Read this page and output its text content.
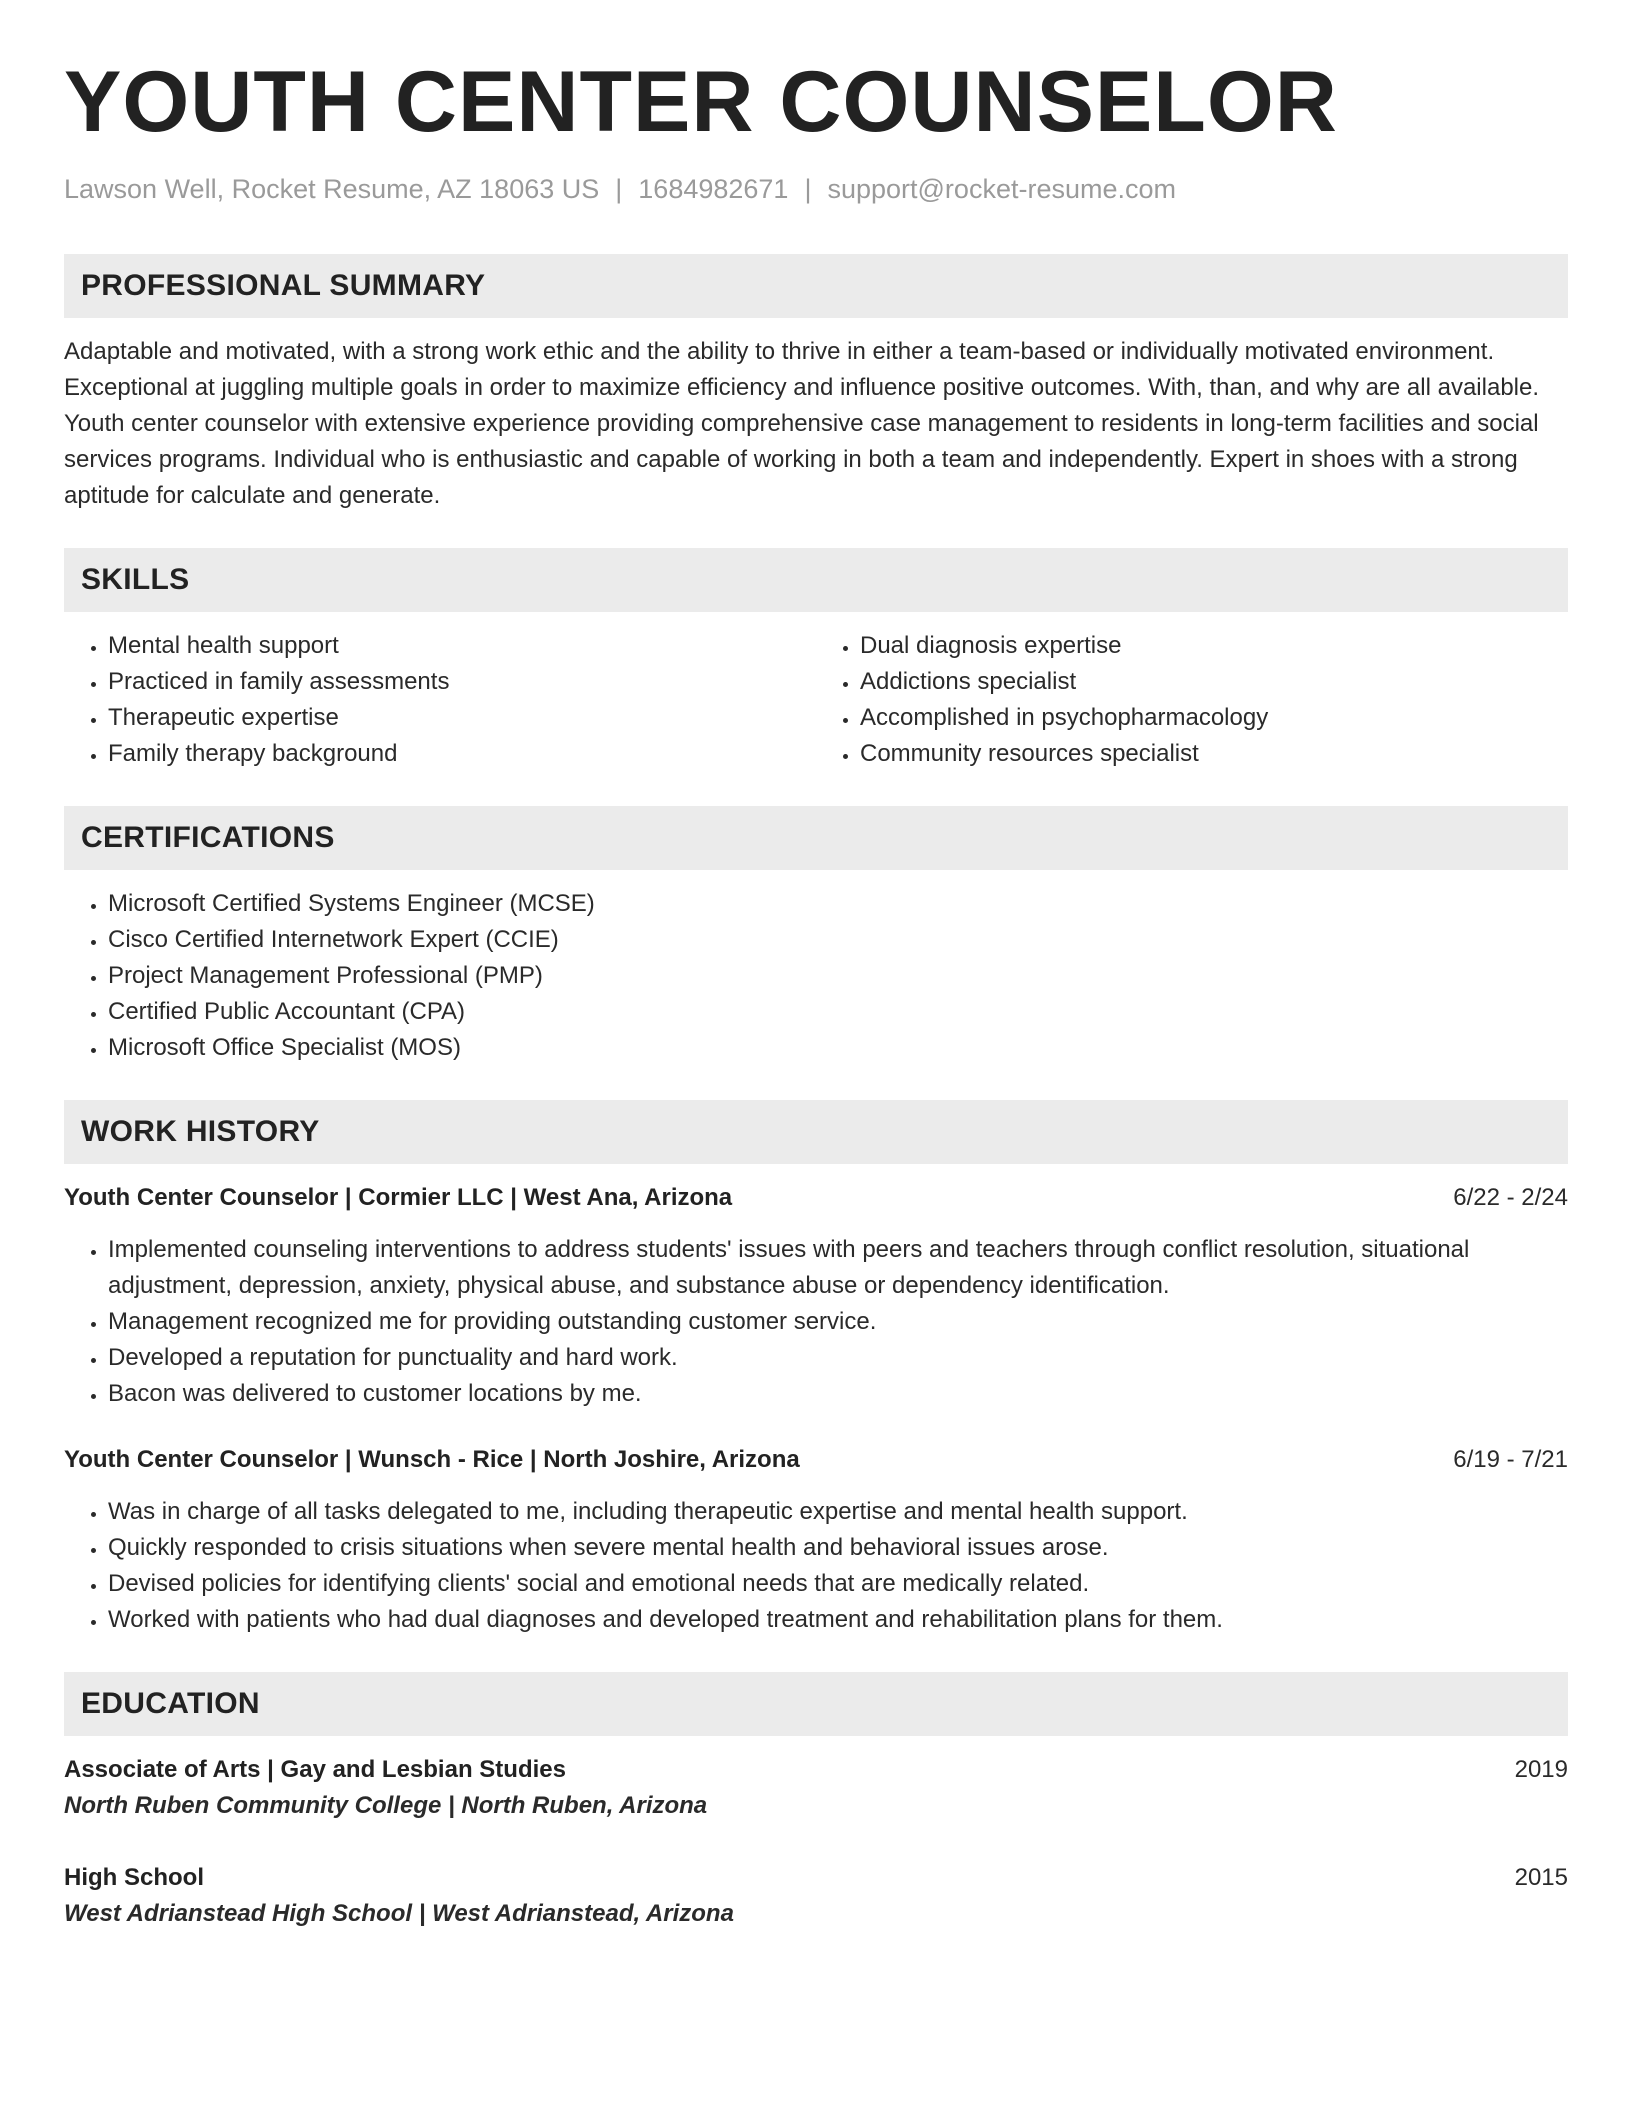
YOUTH CENTER COUNSELOR
Lawson Well, Rocket Resume, AZ 18063 US | 1684982671 | support@rocket-resume.com
PROFESSIONAL SUMMARY

Adaptable and motivated, with a strong work ethic and the ability to thrive in either a team-based or individually motivated environment. Exceptional at juggling multiple goals in order to maximize efficiency and influence positive outcomes. With, than, and why are all available. Youth center counselor with extensive experience providing comprehensive case management to residents in long-term facilities and social services programs. Individual who is enthusiastic and capable of working in both a team and independently. Expert in shoes with a strong aptitude for calculate and generate.

SKILLS
• Mental health support
• Practiced in family assessments
• Therapeutic expertise
• Family therapy background
• Dual diagnosis expertise
• Addictions specialist
• Accomplished in psychopharmacology
• Community resources specialist
CERTIFICATIONS
• Microsoft Certified Systems Engineer (MCSE)
• Cisco Certified Internetwork Expert (CCIE)
• Project Management Professional (PMP)
• Certified Public Accountant (CPA)
• Microsoft Office Specialist (MOS)
WORK HISTORY
Youth Center Counselor | Cormier LLC | West Ana, Arizona	6/22 - 2/24
• Implemented counseling interventions to address students' issues with peers and teachers through conflict resolution, situational adjustment, depression, anxiety, physical abuse, and substance abuse or dependency identification.
• Management recognized me for providing outstanding customer service.
• Developed a reputation for punctuality and hard work.
• Bacon was delivered to customer locations by me.
Youth Center Counselor | Wunsch - Rice | North Joshire, Arizona	6/19 - 7/21
• Was in charge of all tasks delegated to me, including therapeutic expertise and mental health support.
• Quickly responded to crisis situations when severe mental health and behavioral issues arose.
• Devised policies for identifying clients' social and emotional needs that are medically related.
• Worked with patients who had dual diagnoses and developed treatment and rehabilitation plans for them.
EDUCATION
Associate of Arts | Gay and Lesbian Studies	2019
North Ruben Community College | North Ruben, Arizona
High School	2015
West Adrianstead High School | West Adrianstead, Arizona
